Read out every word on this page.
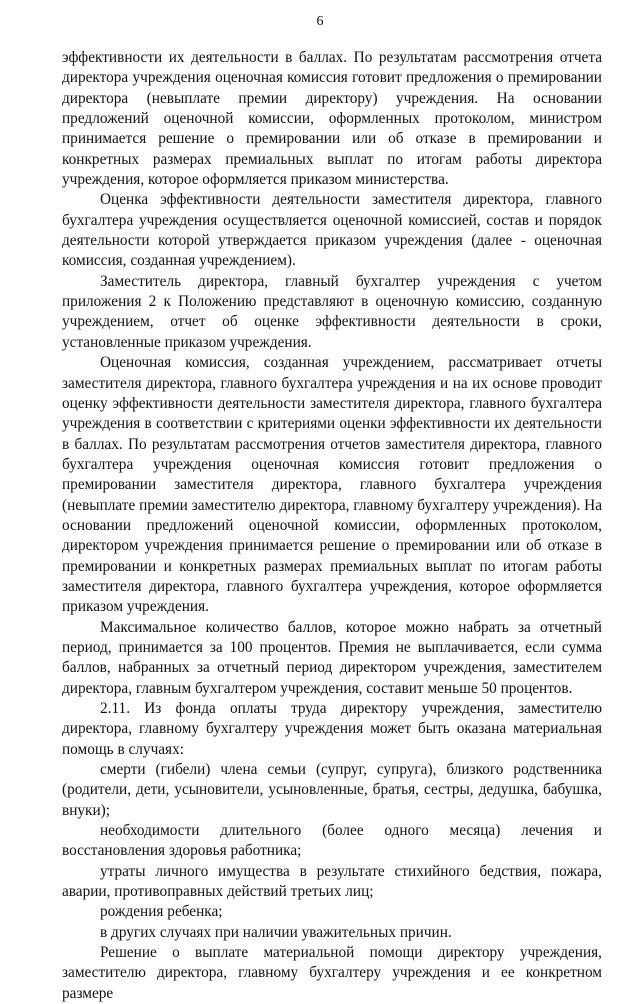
6

эффективности их деятельности в баллах. По результатам рассмотрения отчета директора учреждения оценочная комиссия готовит предложения о премировании директора (невыплате премии директору) учреждения. На основании предложений оценочной комиссии, оформленных протоколом, министром принимается решение о премировании или об отказе в премировании и конкретных размерах премиальных выплат по итогам работы директора учреждения, которое оформляется приказом министерства.

Оценка эффективности деятельности заместителя директора, главного бухгалтера учреждения осуществляется оценочной комиссией, состав и порядок деятельности которой утверждается приказом учреждения (далее - оценочная комиссия, созданная учреждением).

Заместитель директора, главный бухгалтер учреждения с учетом приложения 2 к Положению представляют в оценочную комиссию, созданную учреждением, отчет об оценке эффективности деятельности в сроки, установленные приказом учреждения.

Оценочная комиссия, созданная учреждением, рассматривает отчеты заместителя директора, главного бухгалтера учреждения и на их основе проводит оценку эффективности деятельности заместителя директора, главного бухгалтера учреждения в соответствии с критериями оценки эффективности их деятельности в баллах. По результатам рассмотрения отчетов заместителя директора, главного бухгалтера учреждения оценочная комиссия готовит предложения о премировании заместителя директора, главного бухгалтера учреждения (невыплате премии заместителю директора, главному бухгалтеру учреждения). На основании предложений оценочной комиссии, оформленных протоколом, директором учреждения принимается решение о премировании или об отказе в премировании и конкретных размерах премиальных выплат по итогам работы заместителя директора, главного бухгалтера учреждения, которое оформляется приказом учреждения.

Максимальное количество баллов, которое можно набрать за отчетный период, принимается за 100 процентов. Премия не выплачивается, если сумма баллов, набранных за отчетный период директором учреждения, заместителем директора, главным бухгалтером учреждения, составит меньше 50 процентов.

2.11. Из фонда оплаты труда директору учреждения, заместителю директора, главному бухгалтеру учреждения может быть оказана материальная помощь в случаях:

смерти (гибели) члена семьи (супруг, супруга), близкого родственника (родители, дети, усыновители, усыновленные, братья, сестры, дедушка, бабушка, внуки);

необходимости длительного (более одного месяца) лечения и восстановления здоровья работника;

утраты личного имущества в результате стихийного бедствия, пожара, аварии, противоправных действий третьих лиц;

рождения ребенка;

в других случаях при наличии уважительных причин.

Решение о выплате материальной помощи директору учреждения, заместителю директора, главному бухгалтеру учреждения и ее конкретном размере
